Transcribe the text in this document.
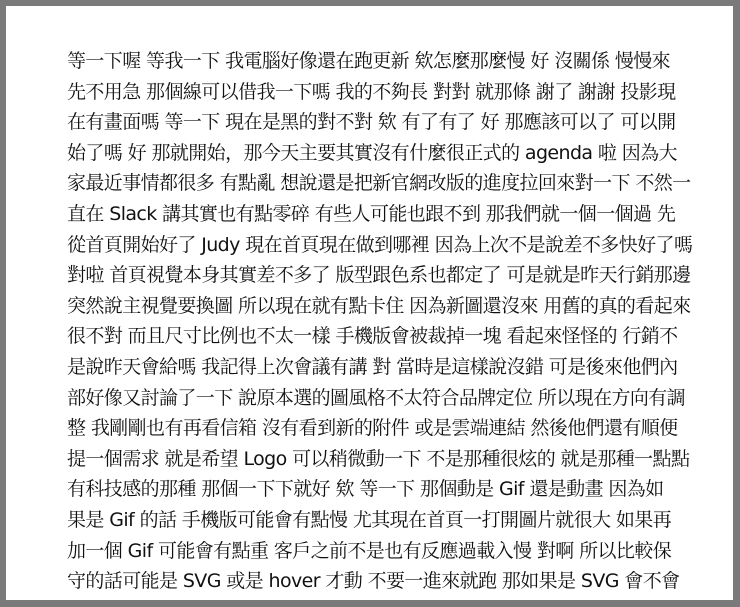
等一下喔 等我一下 我電腦好像還在跑更新 欸怎麼那麼慢 好 沒關係 慢慢來
先不用急 那個線可以借我一下嗎 我的不夠長 對對 就那條 謝了 謝謝 投影現
在有畫面嗎 等一下 現在是黑的對不對 欸 有了有了 好 那應該可以了 可以開
始了嗎 好 那就開始，那今天主要其實沒有什麼很正式的 agenda 啦 因為大
家最近事情都很多 有點亂 想說還是把新官網改版的進度拉回來對一下 不然一
直在 Slack 講其實也有點零碎 有些人可能也跟不到 那我們就一個一個過 先
從首頁開始好了 Judy 現在首頁現在做到哪裡 因為上次不是說差不多快好了嗎
對啦 首頁視覺本身其實差不多了 版型跟色系也都定了 可是就是昨天行銷那邊
突然說主視覺要換圖 所以現在就有點卡住 因為新圖還沒來 用舊的真的看起來
很不對 而且尺寸比例也不太一樣 手機版會被裁掉一塊 看起來怪怪的 行銷不
是說昨天會給嗎 我記得上次會議有講 對 當時是這樣說沒錯 可是後來他們內
部好像又討論了一下 說原本選的圖風格不太符合品牌定位 所以現在方向有調
整 我剛剛也有再看信箱 沒有看到新的附件 或是雲端連結 然後他們還有順便
提一個需求 就是希望 Logo 可以稍微動一下 不是那種很炫的 就是那種一點點
有科技感的那種 那個一下下就好 欸 等一下 那個動是 Gif 還是動畫 因為如
果是 Gif 的話 手機版可能會有點慢 尤其現在首頁一打開圖片就很大 如果再
加一個 Gif 可能會有點重 客戶之前不是也有反應過載入慢 對啊 所以比較保
守的話可能是 SVG 或是 hover 才動 不要一進來就跑 那如果是 SVG 會不會
